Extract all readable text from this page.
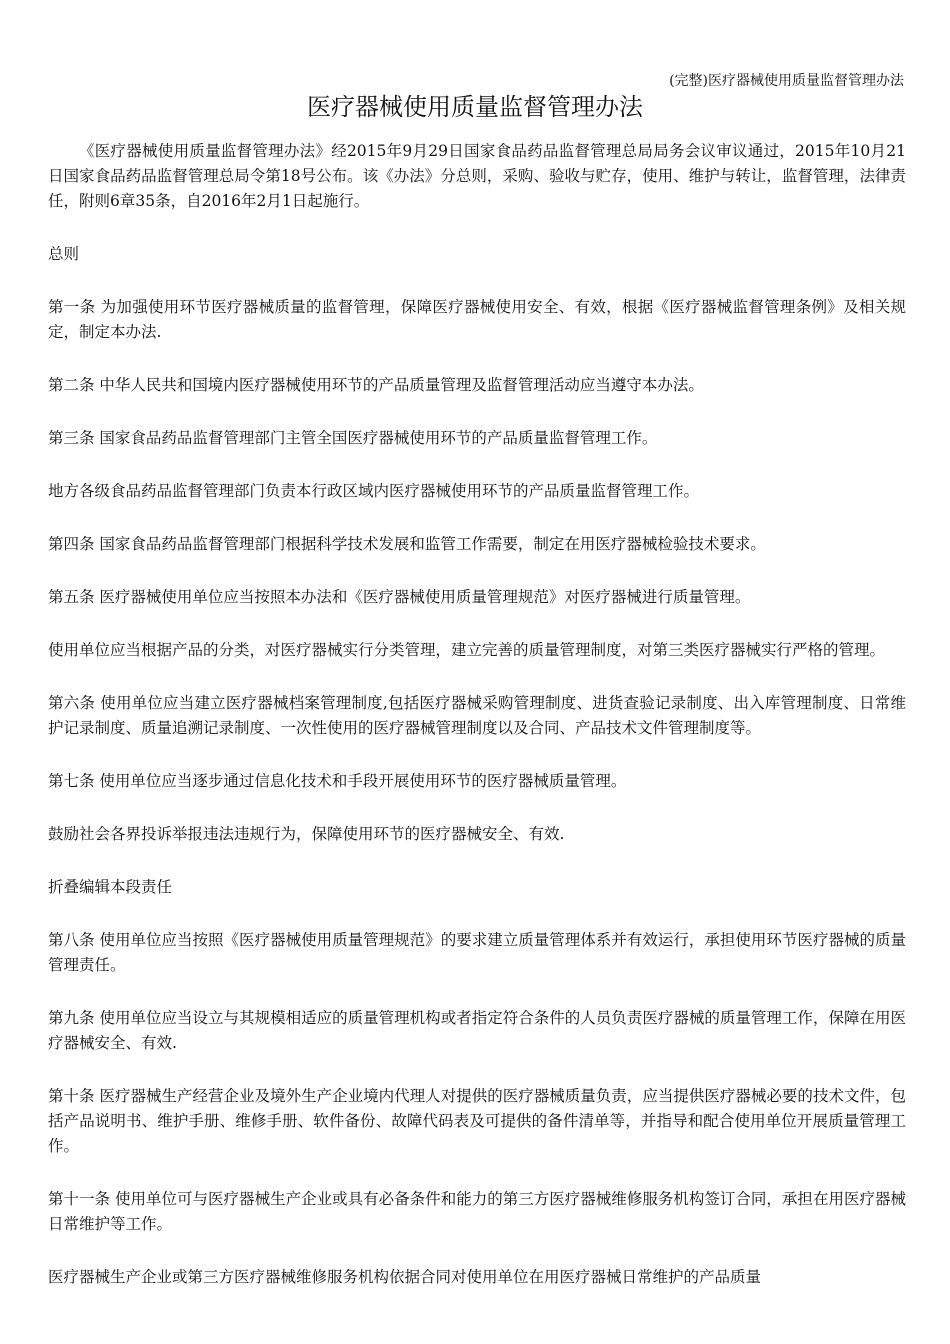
(完整)医疗器械使用质量监督管理办法
医疗器械使用质量监督管理办法

《医疗器械使用质量监督管理办法》经2015年9月29日国家食品药品监督管理总局局务会议审议通过，2015年10月21日国家食品药品监督管理总局令第18号公布。该《办法》分总则，采购、验收与贮存，使用、维护与转让，监督管理，法律责任，附则6章35条，自2016年2月1日起施行。

总则

第一条 为加强使用环节医疗器械质量的监督管理，保障医疗器械使用安全、有效，根据《医疗器械监督管理条例》及相关规定，制定本办法.

第二条 中华人民共和国境内医疗器械使用环节的产品质量管理及监督管理活动应当遵守本办法。

第三条 国家食品药品监督管理部门主管全国医疗器械使用环节的产品质量监督管理工作。

地方各级食品药品监督管理部门负责本行政区域内医疗器械使用环节的产品质量监督管理工作。

第四条 国家食品药品监督管理部门根据科学技术发展和监管工作需要，制定在用医疗器械检验技术要求。

第五条 医疗器械使用单位应当按照本办法和《医疗器械使用质量管理规范》对医疗器械进行质量管理。

使用单位应当根据产品的分类，对医疗器械实行分类管理，建立完善的质量管理制度，对第三类医疗器械实行严格的管理。

第六条 使用单位应当建立医疗器械档案管理制度,包括医疗器械采购管理制度、进货查验记录制度、出入库管理制度、日常维护记录制度、质量追溯记录制度、一次性使用的医疗器械管理制度以及合同、产品技术文件管理制度等。

第七条 使用单位应当逐步通过信息化技术和手段开展使用环节的医疗器械质量管理。

鼓励社会各界投诉举报违法违规行为，保障使用环节的医疗器械安全、有效.

折叠编辑本段责任

第八条 使用单位应当按照《医疗器械使用质量管理规范》的要求建立质量管理体系并有效运行，承担使用环节医疗器械的质量管理责任。

第九条 使用单位应当设立与其规模相适应的质量管理机构或者指定符合条件的人员负责医疗器械的质量管理工作，保障在用医疗器械安全、有效.

第十条 医疗器械生产经营企业及境外生产企业境内代理人对提供的医疗器械质量负责，应当提供医疗器械必要的技术文件，包括产品说明书、维护手册、维修手册、软件备份、故障代码表及可提供的备件清单等，并指导和配合使用单位开展质量管理工作。

第十一条 使用单位可与医疗器械生产企业或具有必备条件和能力的第三方医疗器械维修服务机构签订合同，承担在用医疗器械日常维护等工作。

医疗器械生产企业或第三方医疗器械维修服务机构依据合同对使用单位在用医疗器械日常维护的产品质量
